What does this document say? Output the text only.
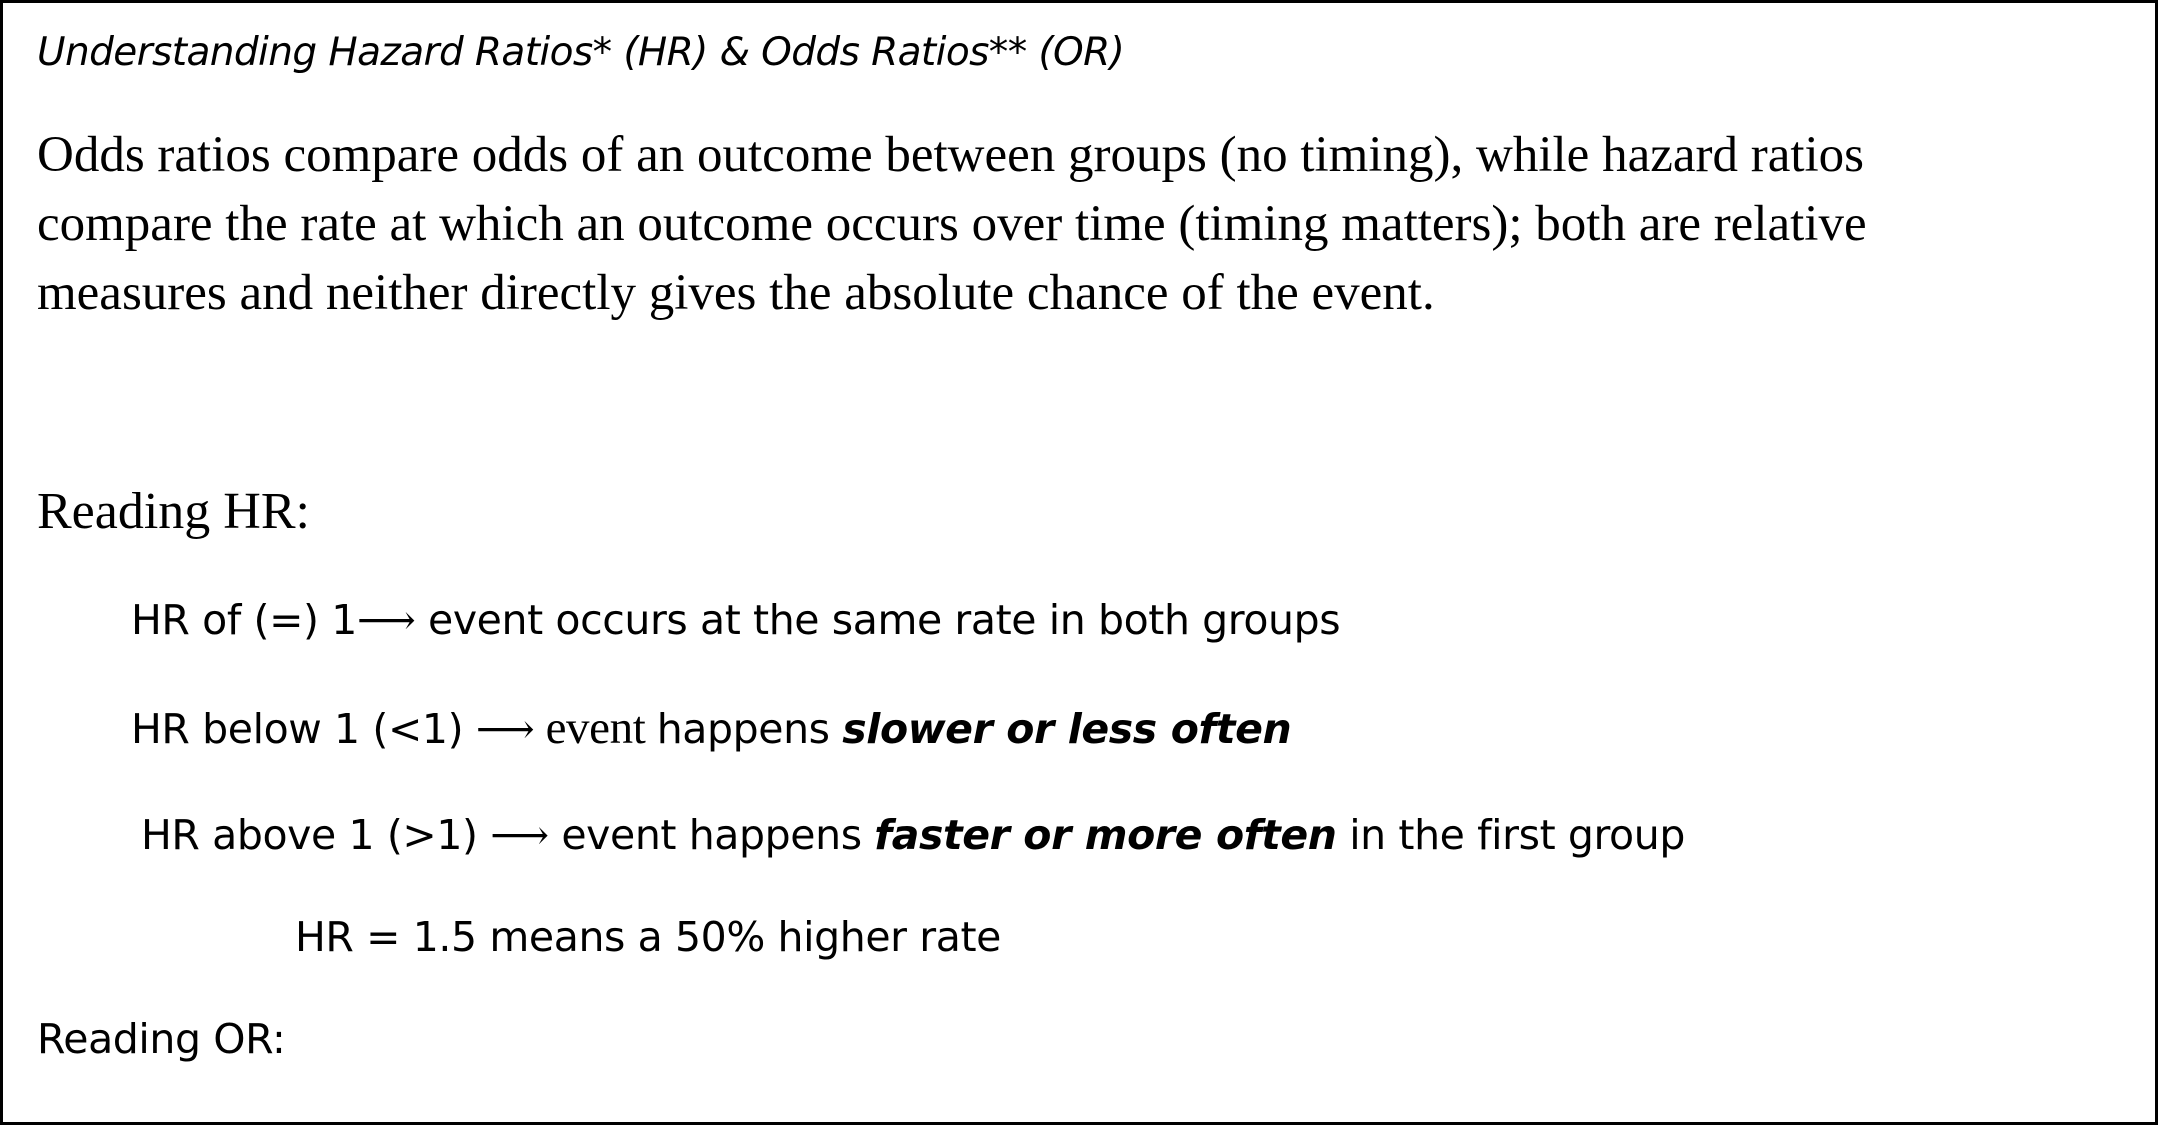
Understanding Hazard Ratios* (HR) & Odds Ratios** (OR)
Odds ratios compare odds of an outcome between groups (no timing), while hazard ratios
compare the rate at which an outcome occurs over time (timing matters); both are relative
measures and neither directly gives the absolute chance of the event.
Reading HR:
HR of (=) 1⟶ event occurs at the same rate in both groups
HR below 1 (<1) ⟶ event happens slower or less often
HR above 1 (>1) ⟶ event happens faster or more often in the first group
HR = 1.5 means a 50% higher rate
Reading OR:
